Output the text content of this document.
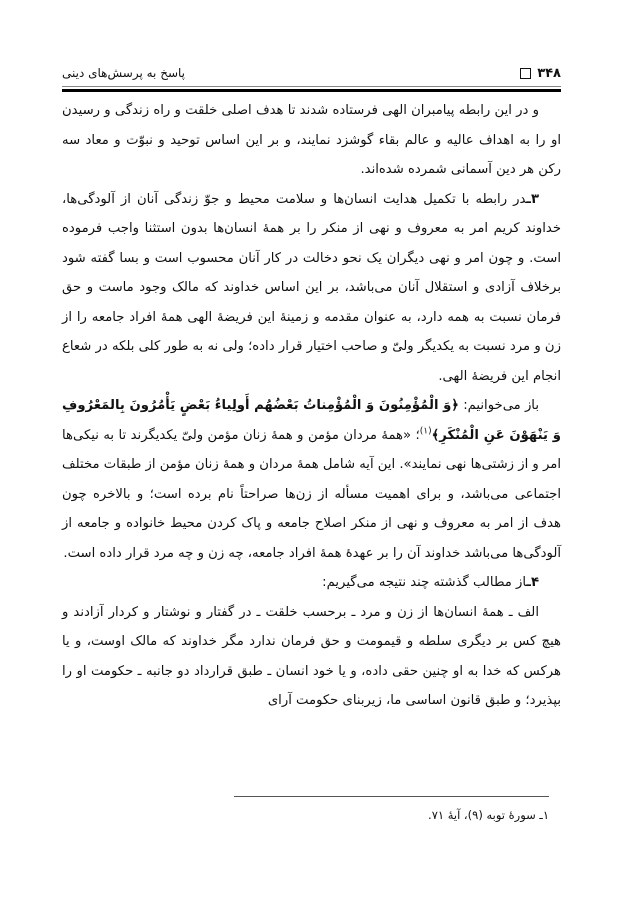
۳۴۸
پاسخ به پرسش‌های دینی

و در این رابطه پیامبران الهی فرستاده شدند تا هدف اصلی خلقت و راه زندگی و رسیدن او را به اهداف عالیه و عالم بقاء گوشزد نمایند، و بر این اساس توحید و نبوّت و معاد سه رکن هر دین آسمانی شمرده شده‌اند.

۳ـدر رابطه با تکمیل هدایت انسان‌ها و سلامت محیط و جوّ زندگی آنان از آلودگی‌ها، خداوند کریم امر به معروف و نهی از منکر را بر همهٔ انسان‌ها بدون استثنا واجب فرموده است. و چون امر و نهی دیگران یک نحو دخالت در کار آنان محسوب است و بسا گفته شود برخلاف آزادی و استقلال آنان می‌باشد، بر این اساس خداوند که مالک وجود ماست و حق فرمان نسبت به همه دارد، به عنوان مقدمه و زمینهٔ این فریضهٔ الهی همهٔ افراد جامعه را از زن و مرد نسبت به یکدیگر ولیّ و صاحب اختیار قرار داده؛ ولی نه به طور کلی بلکه در شعاع انجام این فریضهٔ الهی.

باز می‌خوانیم: ﴿وَ الْمُؤْمِنُونَ وَ الْمُؤْمِناتُ بَعْضُهُم أَولِياءُ بَعْضٍ يَأْمُرُونَ بِالمَعْرُوفِ وَ يَنْهَوْنَ عَنِ الْمُنْكَرِ﴾$^{(۱)}$؛ «همهٔ مردان مؤمن و همهٔ زنان مؤمن ولیّ یکدیگرند تا به نیکی‌ها امر و از زشتی‌ها نهی نمایند». این آیه شامل همهٔ مردان و همهٔ زنان مؤمن از طبقات مختلف اجتماعی می‌باشد، و برای اهمیت مسأله از زن‌ها صراحتاً نام برده است؛ و بالاخره چون هدف از امر به معروف و نهی از منکر اصلاح جامعه و پاک کردن محیط خانواده و جامعه از آلودگی‌ها می‌باشد خداوند آن را بر عهدهٔ همهٔ افراد جامعه، چه زن و چه مرد قرار داده است.

۴ـاز مطالب گذشته چند نتیجه می‌گیریم:

الف ـ همهٔ انسان‌ها از زن و مرد ـ برحسب خلقت ـ در گفتار و نوشتار و کردار آزادند و هیچ کس بر دیگری سلطه و قیمومت و حق فرمان ندارد مگر خداوند که مالک اوست، و یا هرکس که خدا به او چنین حقی داده، و یا خود انسان ـ طبق قرارداد دو جانبه ـ حکومت او را بپذیرد؛ و طبق قانون اساسی ما، زیربنای حکومت آرای

۱ـ سورهٔ توبه (۹)، آیهٔ ۷۱.
